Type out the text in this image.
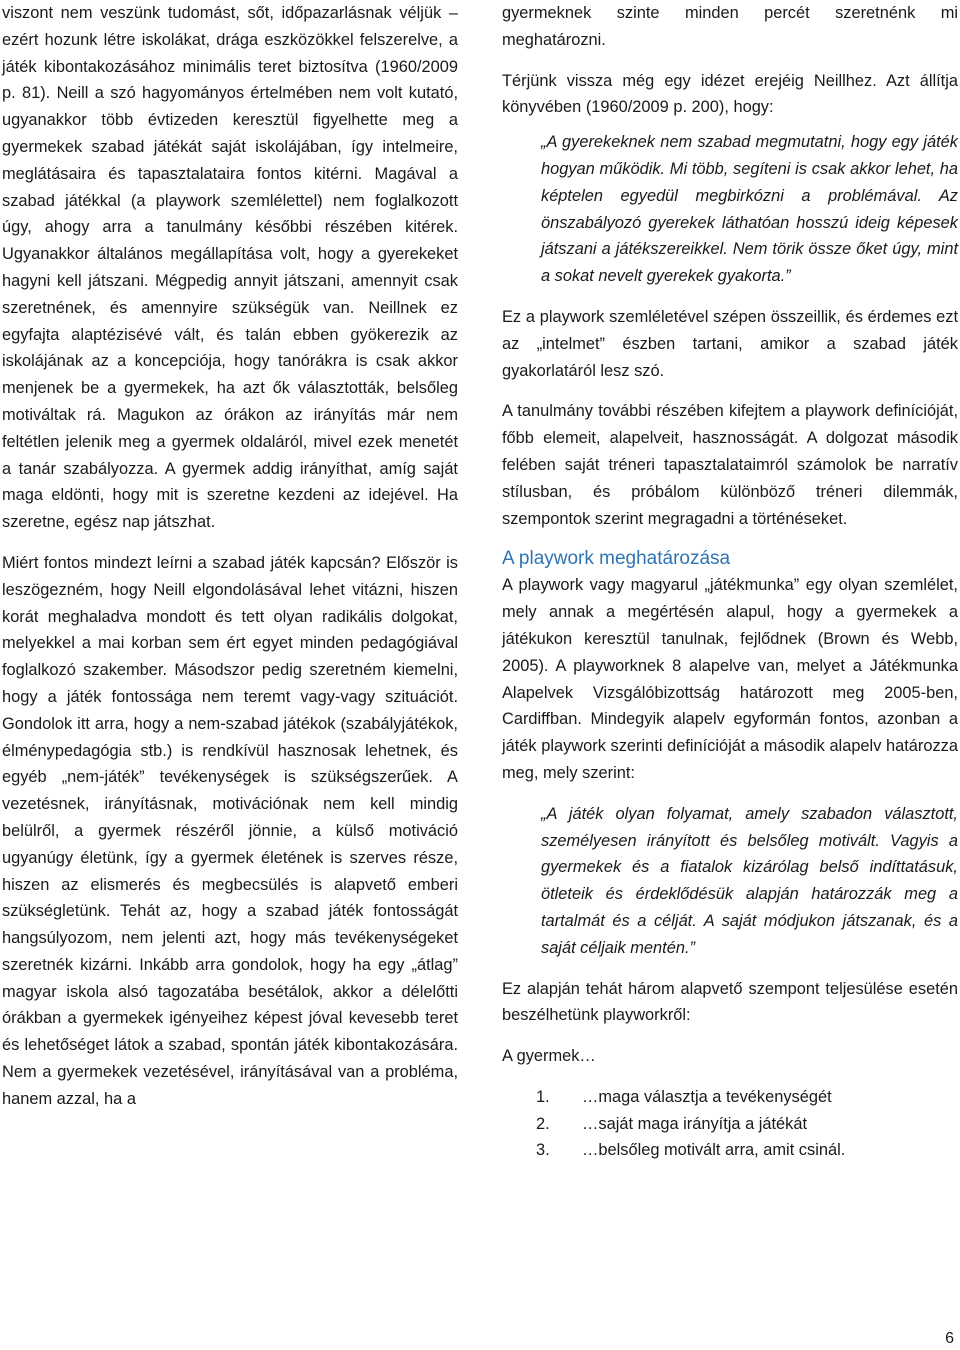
viszont nem veszünk tudomást, sőt, időpazarlásnak véljük – ezért hozunk létre iskolákat, drága eszközökkel felszerelve, a játék kibontakozásához minimális teret biztosítva (1960/2009 p. 81). Neill a szó hagyományos értelmében nem volt kutató, ugyanakkor több évtizeden keresztül figyelhette meg a gyermekek szabad játékát saját iskolájában, így intelmeire, meglátásaira és tapasztalataira fontos kitérni. Magával a szabad játékkal (a playwork szemlélettel) nem foglalkozott úgy, ahogy arra a tanulmány későbbi részében kitérek. Ugyanakkor általános megállapítása volt, hogy a gyerekeket hagyni kell játszani. Mégpedig annyit játszani, amennyit csak szeretnének, és amennyire szükségük van. Neillnek ez egyfajta alaptézisévé vált, és talán ebben gyökerezik az iskolájának az a koncepciója, hogy tanórákra is csak akkor menjenek be a gyermekek, ha azt ők választották, belsőleg motiváltak rá. Magukon az órákon az irányítás már nem feltétlen jelenik meg a gyermek oldaláról, mivel ezek menetét a tanár szabályozza. A gyermek addig irányíthat, amíg saját maga eldönti, hogy mit is szeretne kezdeni az idejével. Ha szeretne, egész nap játszhat.

Miért fontos mindezt leírni a szabad játék kapcsán? Először is leszögezném, hogy Neill elgondolásával lehet vitázni, hiszen korát meghaladva mondott és tett olyan radikális dolgokat, melyekkel a mai korban sem ért egyet minden pedagógiával foglalkozó szakember. Másodszor pedig szeretném kiemelni, hogy a játék fontossága nem teremt vagy-vagy szituációt. Gondolok itt arra, hogy a nem-szabad játékok (szabályjátékok, élménypedagógia stb.) is rendkívül hasznosak lehetnek, és egyéb „nem-játék” tevékenységek is szükségszerűek. A vezetésnek, irányításnak, motivációnak nem kell mindig belülről, a gyermek részéről jönnie, a külső motiváció ugyanúgy életünk, így a gyermek életének is szerves része, hiszen az elismerés és megbecsülés is alapvető emberi szükségletünk. Tehát az, hogy a szabad játék fontosságát hangsúlyozom, nem jelenti azt, hogy más tevékenységeket szeretnék kizárni. Inkább arra gondolok, hogy ha egy „átlag” magyar iskola alsó tagozatába besétálok, akkor a délelőtti órákban a gyermekek igényeihez képest jóval kevesebb teret és lehetőséget látok a szabad, spontán játék kibontakozására. Nem a gyermekek vezetésével, irányításával van a probléma, hanem azzal, ha a

gyermeknek szinte minden percét szeretnénk mi meghatározni.

Térjünk vissza még egy idézet erejéig Neillhez. Azt állítja könyvében (1960/2009 p. 200), hogy:

„A gyerekeknek nem szabad megmutatni, hogy egy játék hogyan működik. Mi több, segíteni is csak akkor lehet, ha képtelen egyedül megbirkózni a problémával. Az önszabályozó gyerekek láthatóan hosszú ideig képesek játszani a játékszereikkel. Nem törik össze őket úgy, mint a sokat nevelt gyerekek gyakorta.”

Ez a playwork szemléletével szépen összeillik, és érdemes ezt az „intelmet” észben tartani, amikor a szabad játék gyakorlatáról lesz szó.

A tanulmány további részében kifejtem a playwork definícióját, főbb elemeit, alapelveit, hasznosságát. A dolgozat második felében saját tréneri tapasztalataimról számolok be narratív stílusban, és próbálom különböző tréneri dilemmák, szempontok szerint megragadni a történéseket.

A playwork meghatározása

A playwork vagy magyarul „játékmunka” egy olyan szemlélet, mely annak a megértésén alapul, hogy a gyermekek a játékukon keresztül tanulnak, fejlődnek (Brown és Webb, 2005). A playworknek 8 alapelve van, melyet a Játékmunka Alapelvek Vizsgálóbizottság határozott meg 2005-ben, Cardiffban. Mindegyik alapelv egyformán fontos, azonban a játék playwork szerinti definícióját a második alapelv határozza meg, mely szerint:

„A játék olyan folyamat, amely szabadon választott, személyesen irányított és belsőleg motivált. Vagyis a gyermekek és a fiatalok kizárólag belső indíttatásuk, ötleteik és érdeklődésük alapján határozzák meg a tartalmát és a célját. A saját módjukon játszanak, és a saját céljaik mentén.”

Ez alapján tehát három alapvető szempont teljesülése esetén beszélhetünk playworkről:

A gyermek…

1.	…maga választja a tevékenységét
2.	…saját maga irányítja a játékát
3.	…belsőleg motivált arra, amit csinál.
6
